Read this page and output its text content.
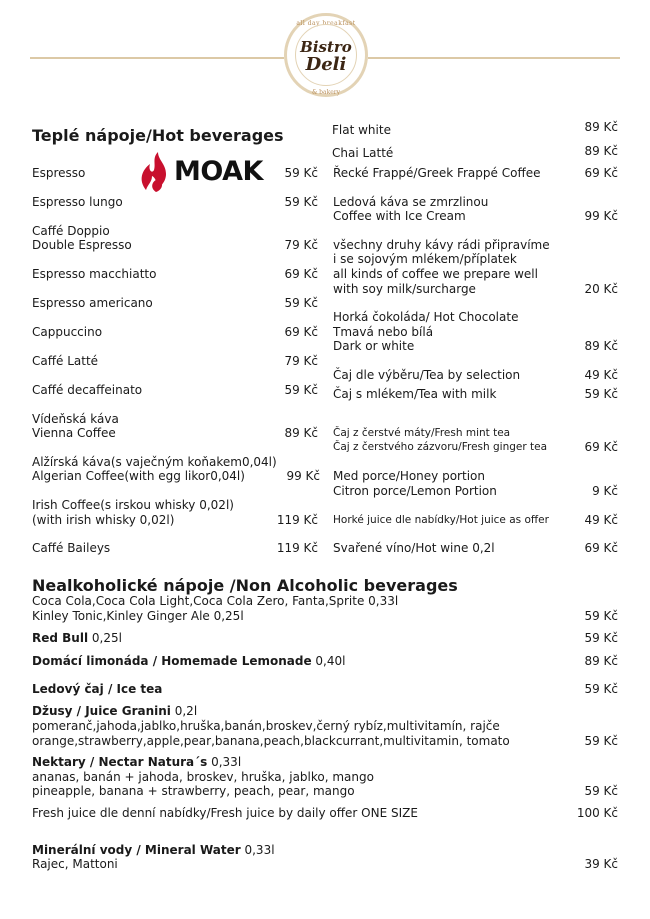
all day breakfast
Bistro
Deli
& bakery
Teplé nápoje/Hot beverages
MOAK
Espresso	59 Kč
Espresso lungo	59 Kč
Caffé Doppio
Double Espresso	79 Kč
Espresso macchiatto	69 Kč
Espresso americano	59 Kč
Cappuccino	69 Kč
Caffé Latté	79 Kč
Caffé decaffeinato	59 Kč
Vídeňská káva
Vienna Coffee	89 Kč
Alžírská káva(s vaječným koňakem0,04l)
Algerian Coffee(with egg likor0,04l)	99 Kč
Irish Coffee(s irskou whisky 0,02l)
(with irish whisky 0,02l)	119 Kč
Caffé Baileys	119 Kč
Flat white	89 Kč
Chai Latté	89 Kč
Řecké Frappé/Greek Frappé Coffee	69 Kč
Ledová káva se zmrzlinou
Coffee with Ice Cream	99 Kč
všechny druhy kávy rádi připravíme
i se sojovým mlékem/příplatek
all kinds of coffee we prepare well
with soy milk/surcharge	20 Kč
Horká čokoláda/ Hot Chocolate
Tmavá nebo bílá
Dark or white	89 Kč
Čaj dle výběru/Tea by selection	49 Kč
Čaj s mlékem/Tea with milk	59 Kč
Čaj z čerstvé máty/Fresh mint tea
Čaj z čerstvého zázvoru/Fresh ginger tea	69 Kč
Med porce/Honey portion
Citron porce/Lemon Portion	9 Kč
Horké juice dle nabídky/Hot juice as offer	49 Kč
Svařené víno/Hot wine 0,2l	69 Kč
Nealkoholické nápoje /Non Alcoholic beverages
Coca Cola,Coca Cola Light,Coca Cola Zero, Fanta,Sprite 0,33l
Kinley Tonic,Kinley Ginger Ale 0,25l	59 Kč
Red Bull 0,25l	59 Kč
Domácí limonáda / Homemade Lemonade 0,40l	89 Kč
Ledový čaj / Ice tea	59 Kč
Džusy / Juice Granini 0,2l
pomeranč,jahoda,jablko,hruška,banán,broskev,černý rybíz,multivitamín, rajče
orange,strawberry,apple,pear,banana,peach,blackcurrant,multivitamin, tomato	59 Kč
Nektary / Nectar Natura´s 0,33l
ananas, banán + jahoda, broskev, hruška, jablko, mango
pineapple, banana + strawberry, peach, pear, mango	59 Kč
Fresh juice dle denní nabídky/Fresh juice by daily offer ONE SIZE	100 Kč
Minerální vody / Mineral Water 0,33l
Rajec, Mattoni	39 Kč
